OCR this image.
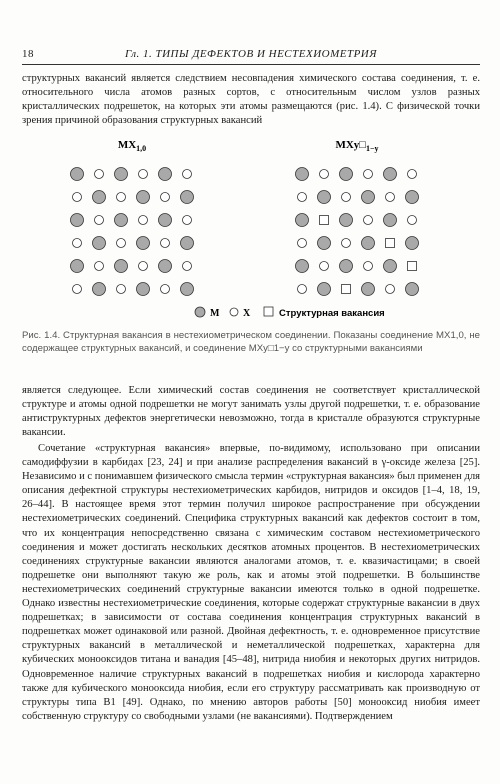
18	Гл. 1. ТИПЫ ДЕФЕКТОВ И НЕСТЕХИОМЕТРИЯ

структурных вакансий является следствием несовпадения химического состава соединения, т. е. относительного числа атомов разных сортов, с относительным числом узлов разных кристаллических подрешеток, на которых эти атомы размещаются (рис. 1.4). С физической точки зрения причиной образования структурных вакансий

$MX_{1,0}$	$MXy□_{1-y}$
M X	Структурная вакансия
Рис. 1.4. Структурная вакансия в нестехиометрическом соединении. Показаны соединение MX1,0, не содержащее структурных вакансий, и соединение MXy□1−y со структурными вакансиями

является следующее. Если химический состав соединения не соответствует кристаллической структуре и атомы одной подрешетки не могут занимать узлы другой подрешетки, т. е. образование антиструктурных дефектов энергетически невозможно, тогда в кристалле образуются структурные вакансии.

Сочетание «структурная вакансия» впервые, по-видимому, использовано при описании самодиффузии в карбидах [23, 24] и при анализе распределения вакансий в γ-оксиде железа [25]. Независимо и с понимавшем физического смысла термин «структурная вакансия» был применен для описания дефектной структуры нестехиометрических карбидов, нитридов и оксидов [1–4, 18, 19, 26–44]. В настоящее время этот термин получил широкое распространение при обсуждении нестехиометрических соединений. Специфика структурных вакансий как дефектов состоит в том, что их концентрация непосредственно связана с химическим составом нестехиометрического соединения и может достигать нескольких десятков атомных процентов. В нестехиометрических соединениях структурные вакансии являются аналогами атомов, т. е. квазичастицами; в своей подрешетке они выполняют такую же роль, как и атомы этой подрешетки. В большинстве нестехиометрических соединений структурные вакансии имеются только в одной подрешетке. Однако известны нестехиометрические соединения, которые содержат структурные вакансии в двух подрешетках; в зависимости от состава соединения концентрация структурных вакансий в подрешетках может одинаковой или разной. Двойная дефектность, т. е. одновременное присутствие структурных вакансий в металлической и неметаллической подрешетках, характерна для кубических монооксидов титана и ванадия [45–48], нитрида ниобия и некоторых других нитридов. Одновременное наличие структурных вакансий в подрешетках ниобия и кислорода характерно также для кубического монооксида ниобия, если его структуру рассматривать как производную от структуры типа B1 [49]. Однако, по мнению авторов работы [50] монооксид ниобия имеет собственную структуру со свободными узлами (не вакансиями). Подтверждением
